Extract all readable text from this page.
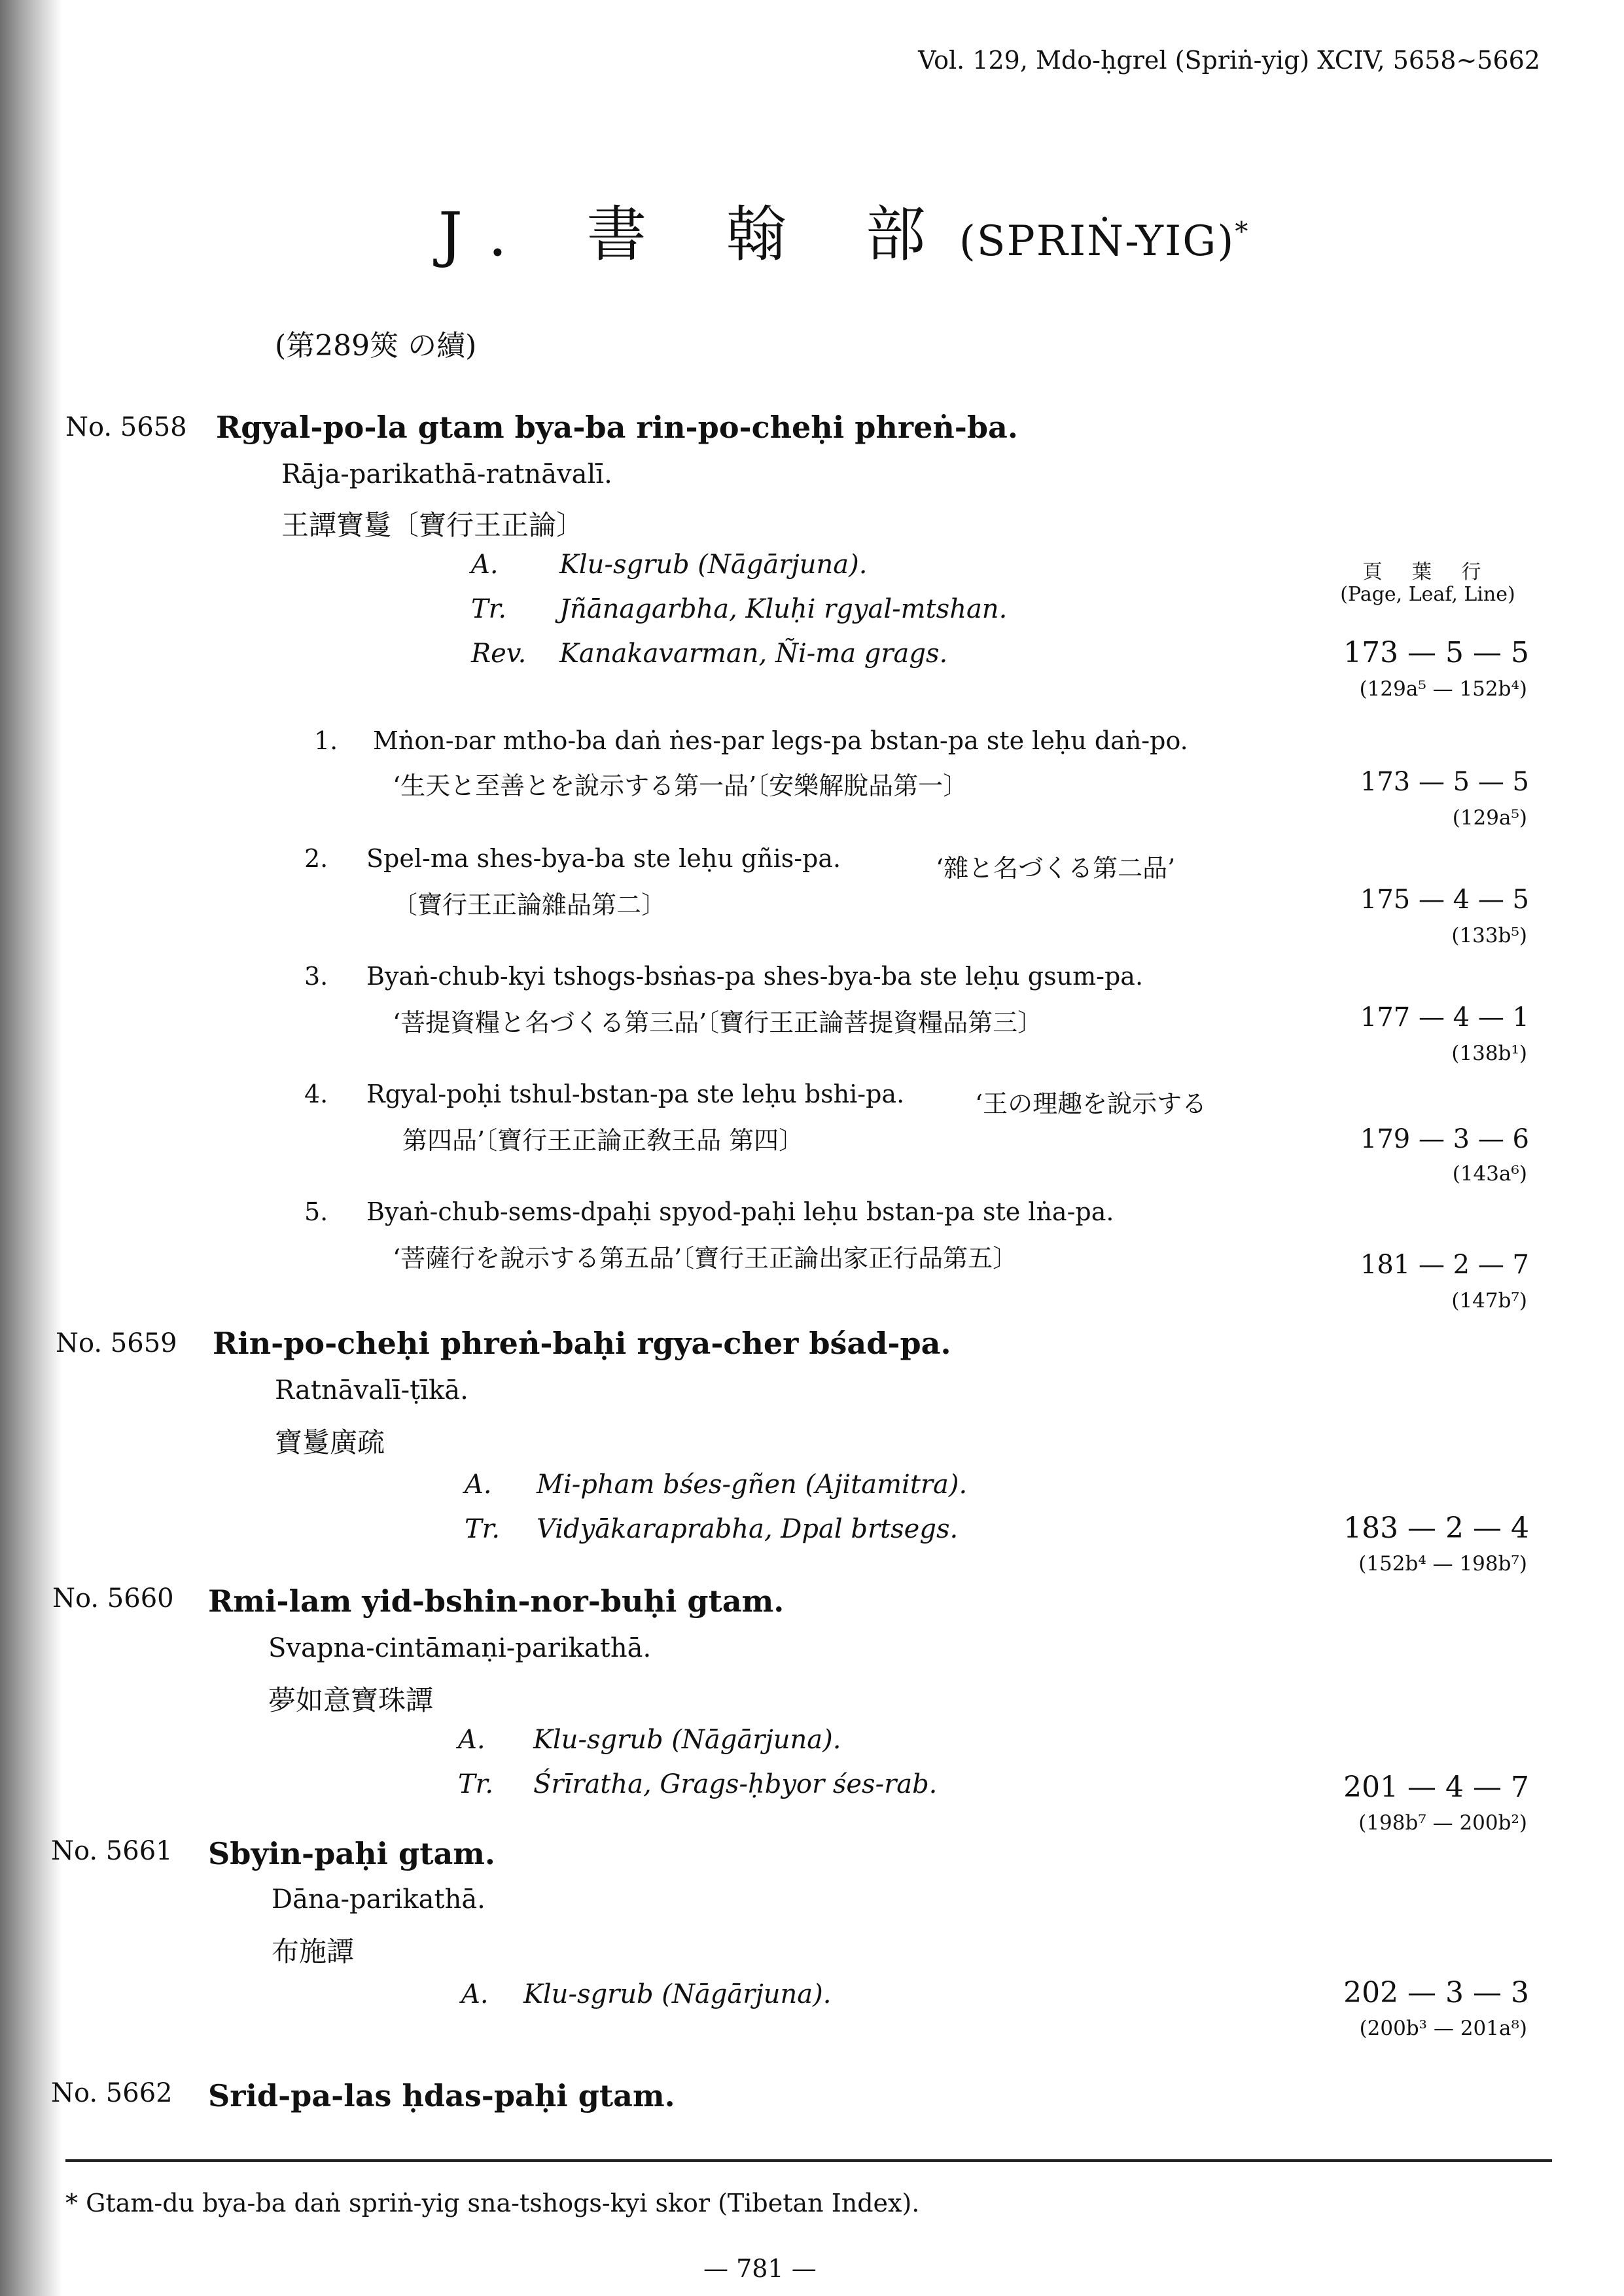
Vol. 129, Mdo-ḥgrel (Spriṅ-yig) XCIV, 5658∼5662
J. 書 翰 部 (SPRIṄ-YIG)*
(第289筴 の續)
頁 葉 行
(Page, Leaf, Line)
No. 5658 Rgyal-po-la gtam bya-ba rin-po-cheḥi phreṅ-ba.
Rāja-parikathā-ratnāvalī.
王譚寶鬘〔寶行王正論〕
A. Klu-sgrub (Nāgārjuna).
Tr. Jñānagarbha, Kluḥi rgyal-mtshan.
Rev. Kanakavarman, Ñi-ma grags.	173 — 5 — 5
(129a⁵ — 152b⁴)
1. Mṅon-ᴅar mtho-ba daṅ ṅes-par legs-pa bstan-pa ste leḥu daṅ-po.
‘生天と至善とを說示する第一品’〔安樂解脫品第一〕	173 — 5 — 5
(129a⁵)
2. Spel-ma shes-bya-ba ste leḥu gñis-pa.	‘雜と名づくる第二品’
〔寶行王正論雜品第二〕	175 — 4 — 5
(133b⁵)
3. Byaṅ-chub-kyi tshogs-bsṅas-pa shes-bya-ba ste leḥu gsum-pa.
‘菩提資糧と名づくる第三品’〔寶行王正論菩提資糧品第三〕	177 — 4 — 1
(138b¹)
4. Rgyal-poḥi tshul-bstan-pa ste leḥu bshi-pa.	‘王の理趣を說示する
第四品’〔寶行王正論正敎王品 第四〕	179 — 3 — 6
(143a⁶)
5. Byaṅ-chub-sems-dpaḥi spyod-paḥi leḥu bstan-pa ste lṅa-pa.
‘菩薩行を說示する第五品’〔寶行王正論出家正行品第五〕	181 — 2 — 7
(147b⁷)
No. 5659 Rin-po-cheḥi phreṅ-baḥi rgya-cher bśad-pa.
Ratnāvalī-ṭīkā.
寶鬘廣疏
A. Mi-pham bśes-gñen (Ajitamitra).
Tr. Vidyākaraprabha, Dpal brtsegs.	183 — 2 — 4
(152b⁴ — 198b⁷)
No. 5660 Rmi-lam yid-bshin-nor-buḥi gtam.
Svapna-cintāmaṇi-parikathā.
夢如意寶珠譚
A. Klu-sgrub (Nāgārjuna).
Tr. Śrīratha, Grags-ḥbyor śes-rab.	201 — 4 — 7
(198b⁷ — 200b²)
No. 5661 Sbyin-paḥi gtam.
Dāna-parikathā.
布施譚
A. Klu-sgrub (Nāgārjuna).	202 — 3 — 3
(200b³ — 201a⁸)
No. 5662 Srid-pa-las ḥdas-paḥi gtam.
* Gtam-du bya-ba daṅ spriṅ-yig sna-tshogs-kyi skor (Tibetan Index).
— 781 —
